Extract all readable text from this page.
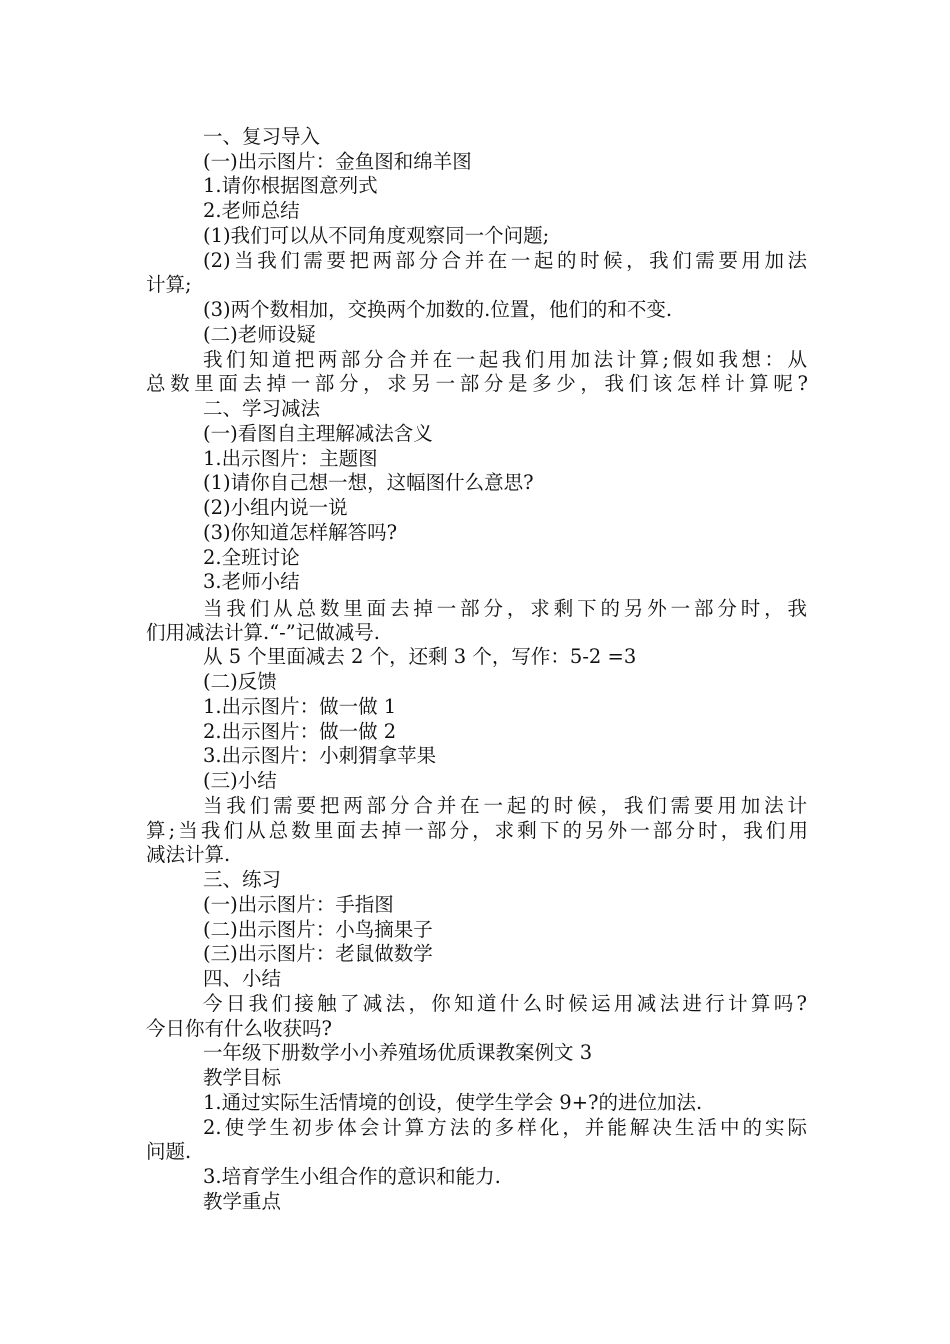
一、复习导入
(一)出示图片：金鱼图和绵羊图
1.请你根据图意列式
2.老师总结
(1)我们可以从不同角度观察同一个问题;
(2)当我们需要把两部分合并在一起的时候，我们需要用加法
计算;
(3)两个数相加，交换两个加数的.位置，他们的和不变.
(二)老师设疑
我们知道把两部分合并在一起我们用加法计算;假如我想：从
总数里面去掉一部分，求另一部分是多少，我们该怎样计算呢?
二、学习减法
(一)看图自主理解减法含义
1.出示图片：主题图
(1)请你自己想一想，这幅图什么意思?
(2)小组内说一说
(3)你知道怎样解答吗?
2.全班讨论
3.老师小结
当我们从总数里面去掉一部分，求剩下的另外一部分时，我
们用减法计算.“-”记做减号.
从 5 个里面减去 2 个，还剩 3 个，写作：5-2 =3
(二)反馈
1.出示图片：做一做 1
2.出示图片：做一做 2
3.出示图片：小刺猬拿苹果
(三)小结
当我们需要把两部分合并在一起的时候，我们需要用加法计
算;当我们从总数里面去掉一部分，求剩下的另外一部分时，我们用
减法计算.
三、练习
(一)出示图片：手指图
(二)出示图片：小鸟摘果子
(三)出示图片：老鼠做数学
四、小结
今日我们接触了减法，你知道什么时候运用减法进行计算吗?
今日你有什么收获吗?
一年级下册数学小小养殖场优质课教案例文 3
教学目标
1.通过实际生活情境的创设，使学生学会 9+?的进位加法.
2.使学生初步体会计算方法的多样化，并能解决生活中的实际
问题.
3.培育学生小组合作的意识和能力.
教学重点
